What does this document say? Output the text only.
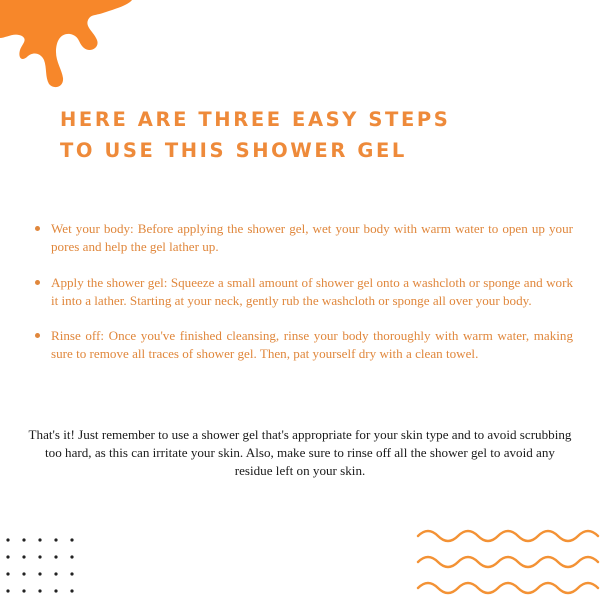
HERE ARE THREE EASY STEPS
TO USE THIS SHOWER GEL
Wet your body: Before applying the shower gel, wet your body with warm water to open up your pores and help the gel lather up.
Apply the shower gel: Squeeze a small amount of shower gel onto a washcloth or sponge and work it into a lather. Starting at your neck, gently rub the washcloth or sponge all over your body.
Rinse off: Once you've finished cleansing, rinse your body thoroughly with warm water, making sure to remove all traces of shower gel. Then, pat yourself dry with a clean towel.

That's it! Just remember to use a shower gel that's appropriate for your skin type and to avoid scrubbing too hard, as this can irritate your skin. Also, make sure to rinse off all the shower gel to avoid any residue left on your skin.
